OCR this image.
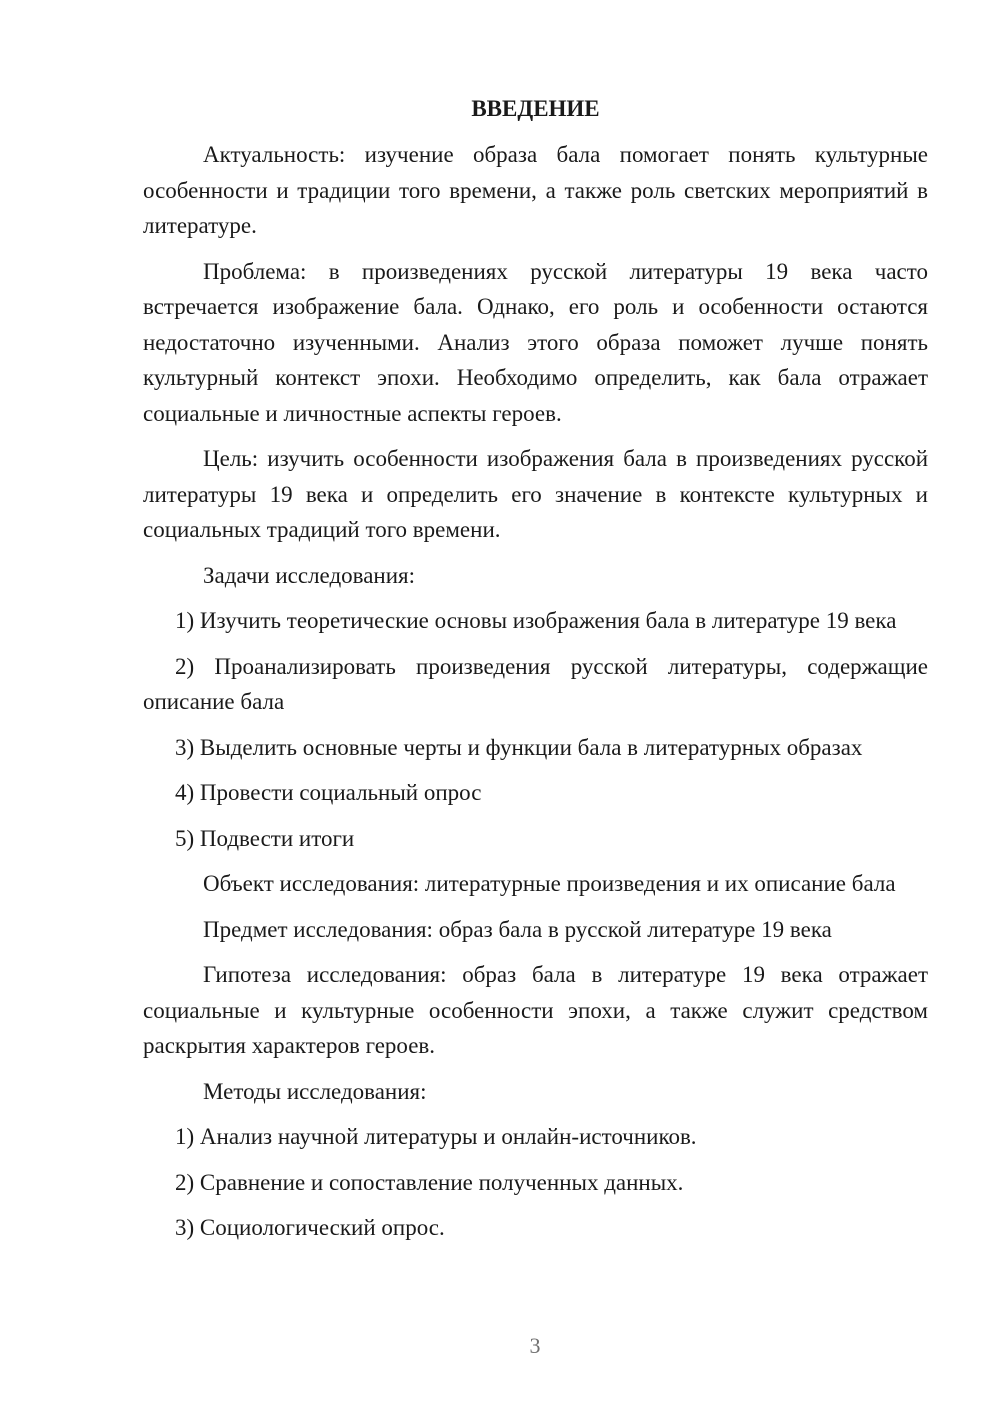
ВВЕДЕНИЕ

Актуальность: изучение образа бала помогает понять культурные особенности и традиции того времени, а также роль светских мероприятий в литературе.

Проблема: в произведениях русской литературы 19 века часто встречается изображение бала. Однако, его роль и особенности остаются недостаточно изученными. Анализ этого образа поможет лучше понять культурный контекст эпохи. Необходимо определить, как бала отражает социальные и личностные аспекты героев.

Цель: изучить особенности изображения бала в произведениях русской литературы 19 века и определить его значение в контексте культурных и социальных традиций того времени.

Задачи исследования:

1) Изучить теоретические основы изображения бала в литературе 19 века

2) Проанализировать произведения русской литературы, содержащие описание бала

3) Выделить основные черты и функции бала в литературных образах

4) Провести социальный опрос

5) Подвести итоги

Объект исследования: литературные произведения и их описание бала

Предмет исследования: образ бала в русской литературе 19 века

Гипотеза исследования: образ бала в литературе 19 века отражает социальные и культурные особенности эпохи, а также служит средством раскрытия характеров героев.

Методы исследования:

1) Анализ научной литературы и онлайн-источников.

2) Сравнение и сопоставление полученных данных.

3) Социологический опрос.

3
